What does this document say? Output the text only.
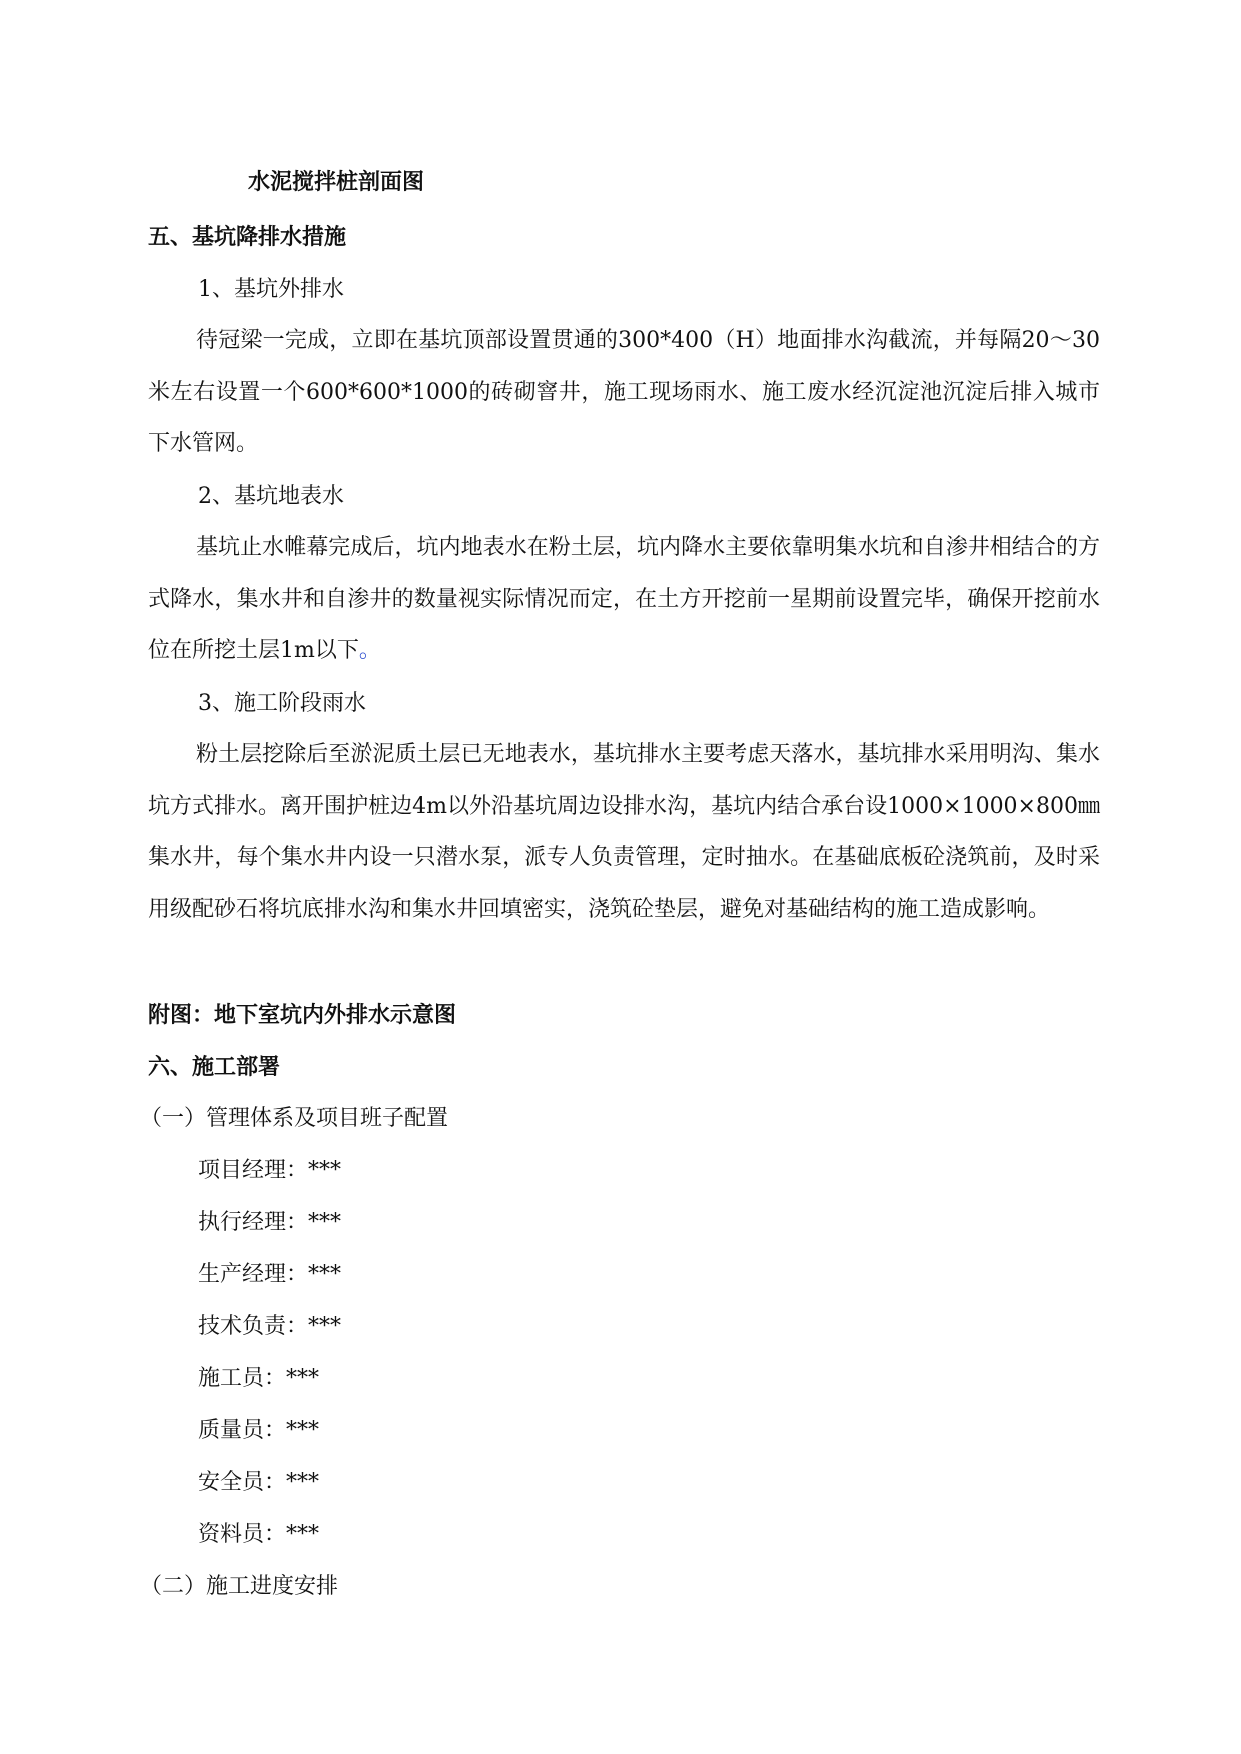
水泥搅拌桩剖面图
五、基坑降排水措施
1、基坑外排水
待冠梁一完成，立即在基坑顶部设置贯通的300*400（H）地面排水沟截流，并每隔20～30米左右设置一个600*600*1000的砖砌窨井，施工现场雨水、施工废水经沉淀池沉淀后排入城市下水管网。
2、基坑地表水
基坑止水帷幕完成后，坑内地表水在粉土层，坑内降水主要依靠明集水坑和自渗井相结合的方式降水，集水井和自渗井的数量视实际情况而定，在土方开挖前一星期前设置完毕，确保开挖前水位在所挖土层1m以下。
3、施工阶段雨水
粉土层挖除后至淤泥质土层已无地表水，基坑排水主要考虑天落水，基坑排水采用明沟、集水坑方式排水。离开围护桩边4m以外沿基坑周边设排水沟，基坑内结合承台设1000×1000×800㎜集水井，每个集水井内设一只潜水泵，派专人负责管理，定时抽水。在基础底板砼浇筑前，及时采用级配砂石将坑底排水沟和集水井回填密实，浇筑砼垫层，避免对基础结构的施工造成影响。
附图：地下室坑内外排水示意图
六、施工部署
（一）管理体系及项目班子配置
项目经理：***
执行经理：***
生产经理：***
技术负责：***
施工员：***
质量员：***
安全员：***
资料员：***
（二）施工进度安排
